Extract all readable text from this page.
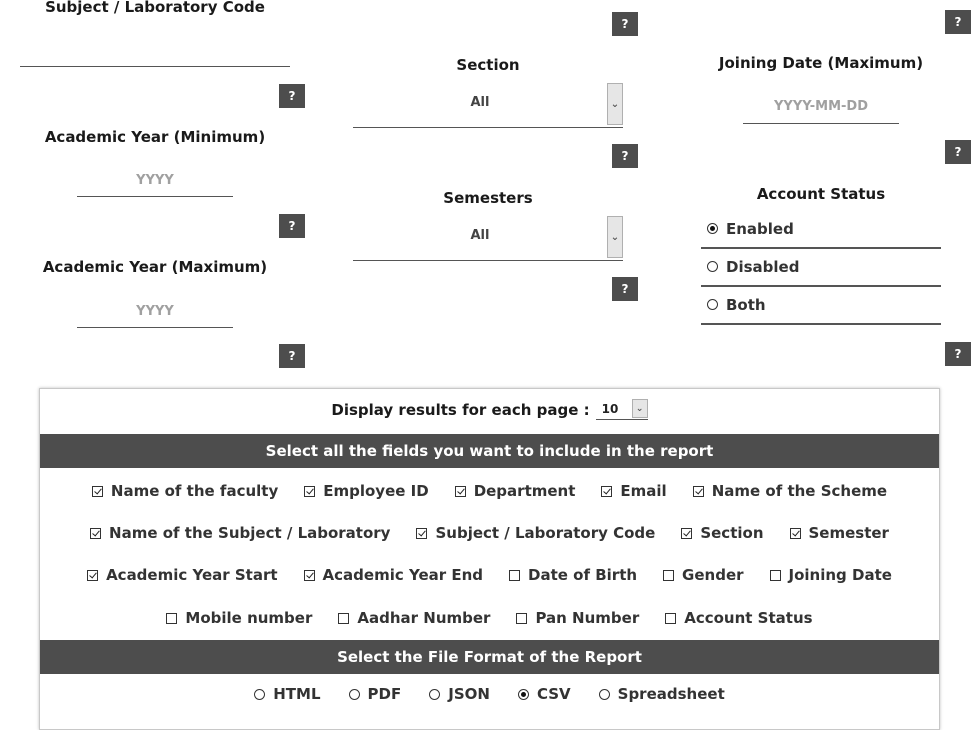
Subject / Laboratory Code
?
Academic Year (Minimum)
YYYY
?
Academic Year (Maximum)
YYYY
?
?
Section
All	⌄
?
Semesters
All	⌄
?
?
Joining Date (Maximum)
YYYY-MM-DD
?
Account Status
Enabled
Disabled
Both
?
Display results for each page : 10	⌄
Select all the fields you want to include in the report
Name of the faculty	Employee ID	Department	Email	Name of the Scheme
Name of the Subject / Laboratory	Subject / Laboratory Code	Section	Semester
Academic Year Start	Academic Year End	Date of Birth	Gender	Joining Date
Mobile number	Aadhar Number	Pan Number	Account Status
Select the File Format of the Report
HTML	PDF	JSON	CSV	Spreadsheet
